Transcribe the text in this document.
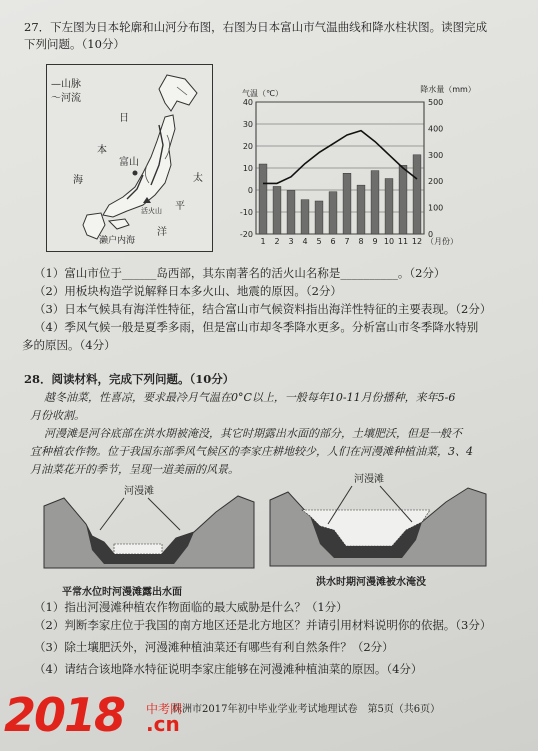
27．下左图为日本轮廓和山河分布图，右图为日本富山市气温曲线和降水柱状图。读图完成
下列问题。（10分）
—山脉
～河流
日
本
海
富山
太
平
洋
活火山
濑户内海
-20
-10
0
10
20
30
40
0
100
200
300
400
500
气温（℃）	降水量（mm）
1 2 3 4 5 6 7 8 9 10 11 12 （月份）
（1）富山市位于______岛西部，其东南著名的活火山名称是__________。（2分）
（2）用板块构造学说解释日本多火山、地震的原因。（2分）
（3）日本气候具有海洋性特征，结合富山市气候资料指出海洋性特征的主要表现。（2分）
（4）季风气候一般是夏季多雨，但是富山市却冬季降水更多。分析富山市冬季降水特别
多的原因。（4分）
28．阅读材料，完成下列问题。（10分）
越冬油菜，性喜凉，要求最冷月气温在0°C以上，一般每年10-11月份播种，来年5-6
月份收割。
河漫滩是河谷底部在洪水期被淹没，其它时期露出水面的部分，土壤肥沃，但是一般不
宜种植农作物。位于我国东部季风气候区的李家庄耕地较少，人们在河漫滩种植油菜，3、4
月油菜花开的季节，呈现一道美丽的风景。
河漫滩
平常水位时河漫滩露出水面
河漫滩
洪水时期河漫滩被水淹没
（1）指出河漫滩种植农作物面临的最大威胁是什么？（1分）
（2）判断李家庄位于我国的南方地区还是北方地区？并请引用材料说明你的依据。（3分）
（3）除土壤肥沃外，河漫滩种植油菜还有哪些有利自然条件？（2分）
（4）请结合该地降水特征说明李家庄能够在河漫滩种植油菜的原因。（4分）
株洲市2017年初中毕业学业考试地理试卷　第5页（共6页）
2018 中考网
.cn
